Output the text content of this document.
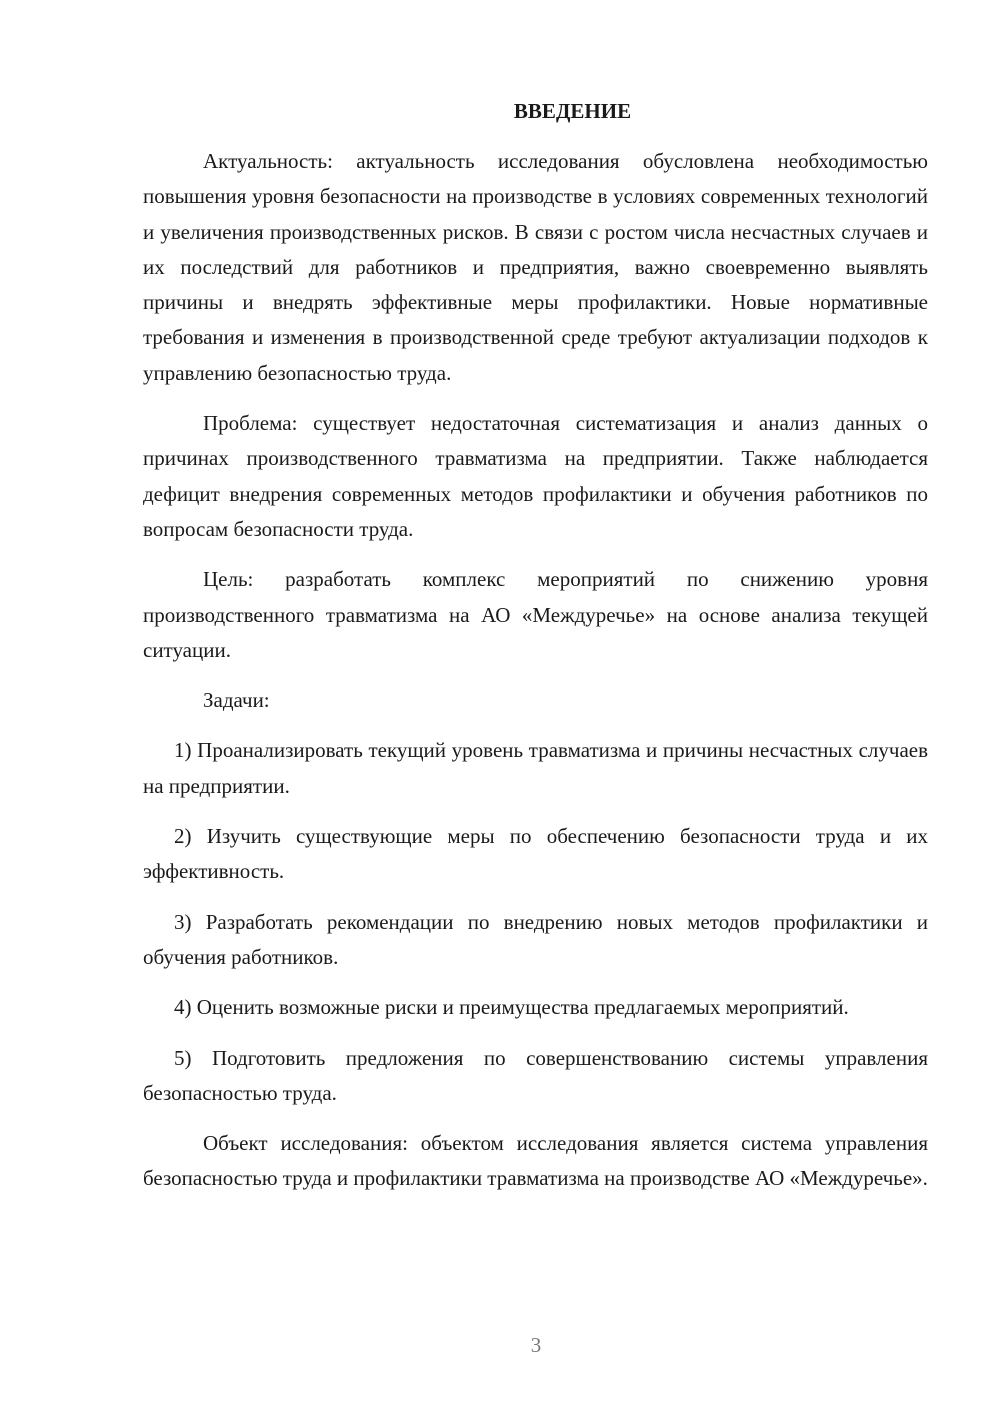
ВВЕДЕНИЕ

Актуальность: актуальность исследования обусловлена необходимостью повышения уровня безопасности на производстве в условиях современных технологий и увеличения производственных рисков. В связи с ростом числа несчастных случаев и их последствий для работников и предприятия, важно своевременно выявлять причины и внедрять эффективные меры профилактики. Новые нормативные требования и изменения в производственной среде требуют актуализации подходов к управлению безопасностью труда.

Проблема: существует недостаточная систематизация и анализ данных о причинах производственного травматизма на предприятии. Также наблюдается дефицит внедрения современных методов профилактики и обучения работников по вопросам безопасности труда.

Цель: разработать комплекс мероприятий по снижению уровня производственного травматизма на АО «Междуречье» на основе анализа текущей ситуации.

Задачи:

1) Проанализировать текущий уровень травматизма и причины несчастных случаев на предприятии.

2) Изучить существующие меры по обеспечению безопасности труда и их эффективность.

3) Разработать рекомендации по внедрению новых методов профилактики и обучения работников.

4) Оценить возможные риски и преимущества предлагаемых мероприятий.

5) Подготовить предложения по совершенствованию системы управления безопасностью труда.

Объект исследования: объектом исследования является система управления безопасностью труда и профилактики травматизма на производстве АО «Междуречье».

3
